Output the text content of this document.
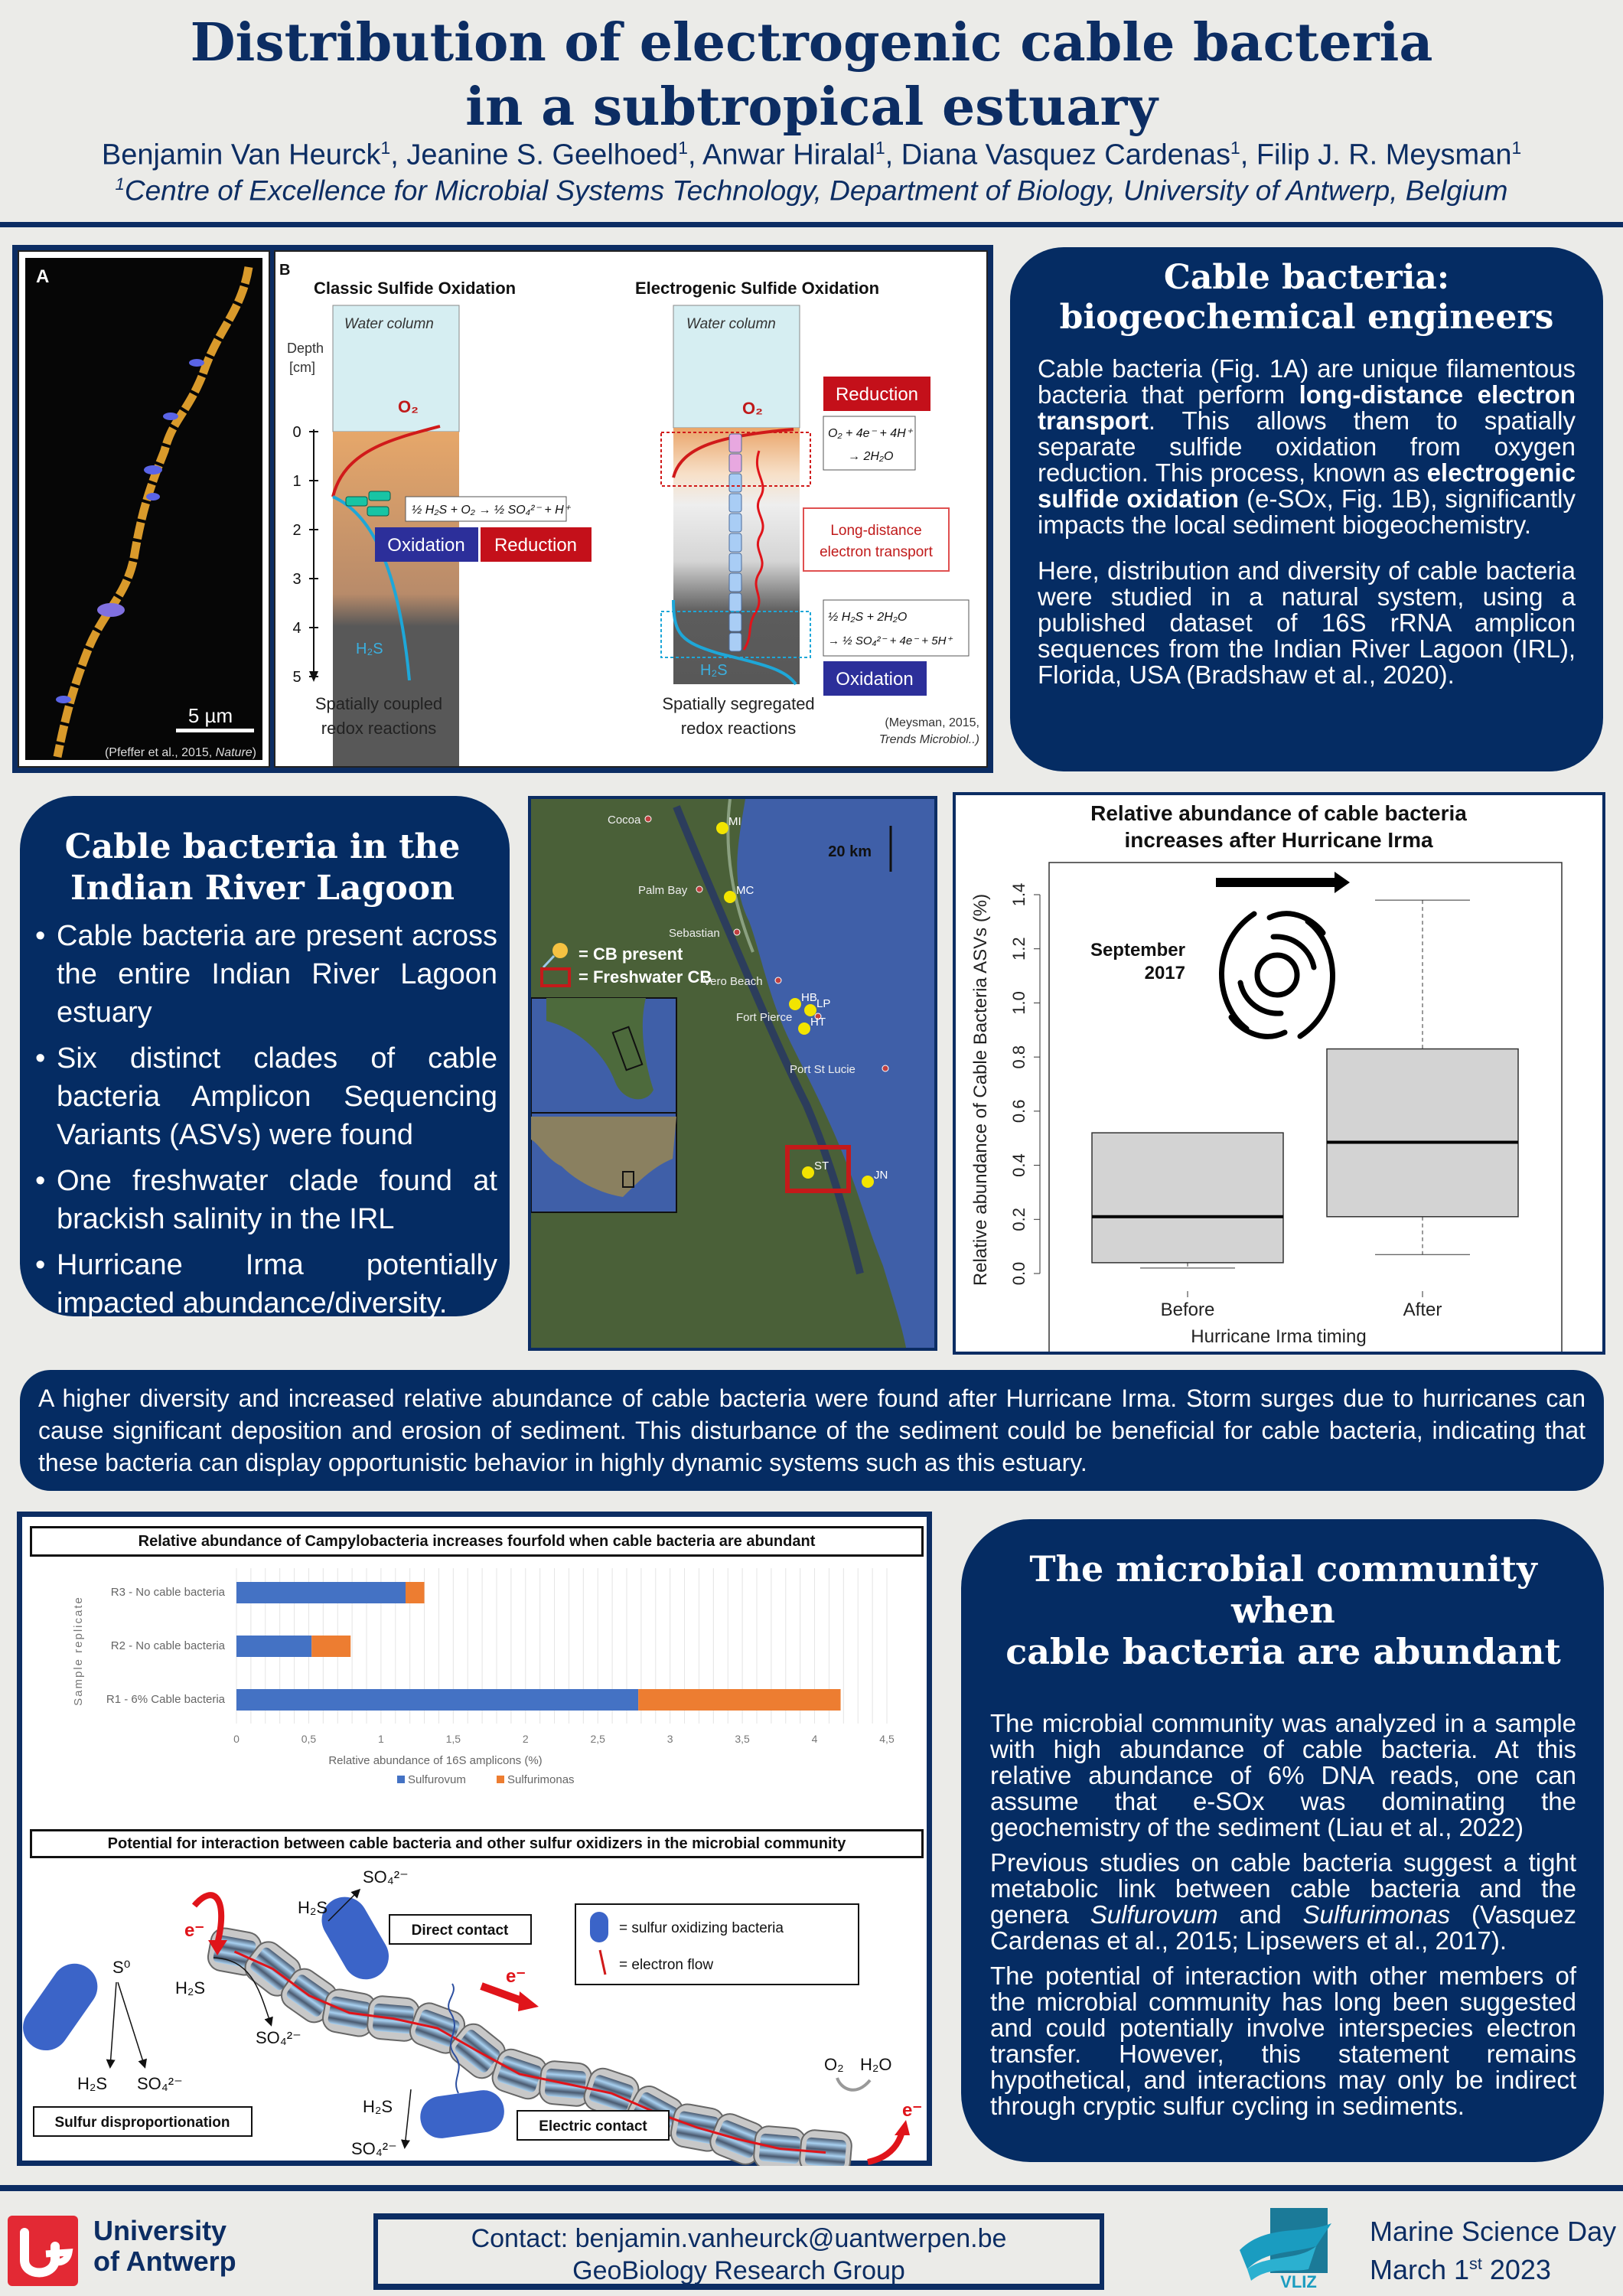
Distribution of electrogenic cable bacteria
in a subtropical estuary
Benjamin Van Heurck$^1$, Jeanine S. Geelhoed$^1$, Anwar Hiralal$^1$, Diana Vasquez Cardenas$^1$, Filip J. R. Meysman$^1$
$^1$Centre of Excellence for Microbial Systems Technology, Department of Biology, University of Antwerp, Belgium
A
5 µm
(Pfeffer et al., 2015, Nature)
B
Classic Sulfide Oxidation	Electrogenic Sulfide Oxidation
Water column
Depth
[cm]
0
1
2
3
4
5
O₂
H₂S
½ H₂S + O₂ → ½ SO₄²⁻ + H⁺
Oxidation Reduction
Spatially coupled
redox reactions
Water column
O₂
H₂S
Reduction
O₂ + 4e⁻ + 4H⁺
→ 2H₂O
Long-distance
electron transport
½ H₂S + 2H₂O
→ ½ SO₄²⁻ + 4e⁻ + 5H⁺
Oxidation
Spatially segregated
redox reactions	(Meysman, 2015,
Trends Microbiol..)
Cable bacteria:
biogeochemical engineers

Cable bacteria (Fig. 1A) are unique filamentous bacteria that perform long-distance electron transport. This allows them to spatially separate sulfide oxidation from oxygen reduction. This process, known as electrogenic sulfide oxidation (e-SOx, Fig. 1B), significantly impacts the local sediment biogeochemistry.

Here, distribution and diversity of cable bacteria were studied in a natural system, using a published dataset of 16S rRNA amplicon sequences from the Indian River Lagoon (IRL), Florida, USA (Bradshaw et al., 2020).

Cable bacteria in the
Indian River Lagoon
• Cable bacteria are present across the entire Indian River Lagoon estuary
• Six distinct clades of cable bacteria Amplicon Sequencing Variants (ASVs) were found
• One freshwater clade found at brackish salinity in the IRL
• Hurricane Irma potentially impacted abundance/diversity.
20 km
Cocoa
Palm Bay
Sebastian
Vero Beach
Fort Pierce
Port St Lucie
MI
MC
HB LP
HT
ST
JN
= CB present
= Freshwater CB
Relative abundance of cable bacteria
increases after Hurricane Irma
Relative abundance of Cable Bacteria ASVs (%)
Hurricane Irma timing
0.0
0.2
0.4
0.6
0.8
1.0
1.2
1.4
Before	After
September
2017

A higher diversity and increased relative abundance of cable bacteria were found after Hurricane Irma. Storm surges due to hurricanes can cause significant deposition and erosion of sediment. This disturbance of the sediment could be beneficial for cable bacteria, indicating that these bacteria can display opportunistic behavior in highly dynamic systems such as this estuary.

Relative abundance of Campylobacteria increases fourfold when cable bacteria are abundant
R1 - 6% Cable bacteria
R2 - No cable bacteria
R3 - No cable bacteria
0	0,5	1	1,5	2	2,5	3	3,5	4	4,5
Sample replicate
Relative abundance of 16S amplicons (%)
Sulfurovum	Sulfurimonas
Potential for interaction between cable bacteria and other sulfur oxidizers in the microbial community
S⁰
H₂S SO₄²⁻
Sulfur disproportionation
H₂S
SO₄²⁻
H₂S
SO₄²⁻
Direct contact
H₂S
SO₄²⁻
Electric contact
= sulfur oxidizing bacteria
= electron flow
e⁻
e⁻
e⁻
O₂ H₂O
The microbial community when
cable bacteria are abundant

The microbial community was analyzed in a sample with high abundance of cable bacteria. At this relative abundance of 6% DNA reads, one can assume that e-SOx was dominating the geochemistry of the sediment (Liau et al., 2022)

Previous studies on cable bacteria suggest a tight metabolic link between cable bacteria and the genera Sulfurovum and Sulfurimonas (Vasquez Cardenas et al., 2015; Lipsewers et al., 2017).

The potential of interaction with other members of the microbial community has long been suggested and could potentially involve interspecies electron transfer. However, this statement remains hypothetical, and interactions may only be indirect through cryptic sulfur cycling in sediments.

University
of Antwerp
Contact: benjamin.vanheurck@uantwerpen.be
GeoBiology Research Group	VLIZ
Marine Science Day
March 1st 2023
